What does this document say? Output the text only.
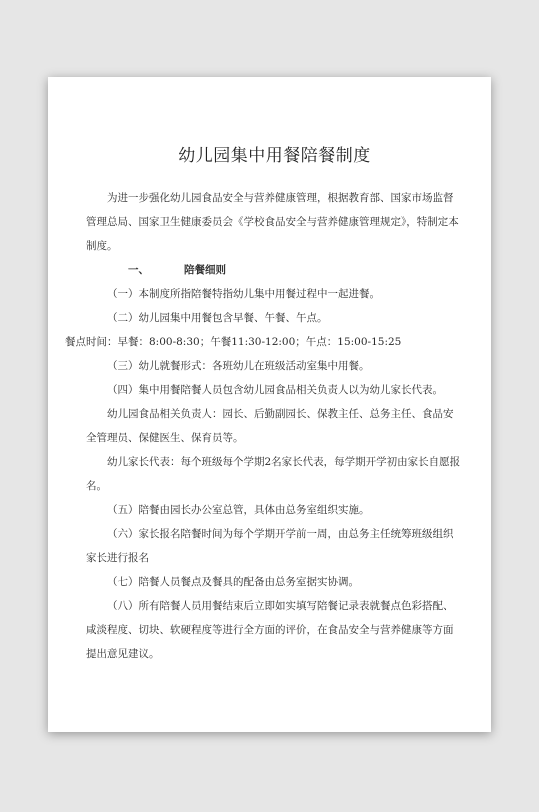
幼儿园集中用餐陪餐制度

为进一步强化幼儿园食品安全与营养健康管理，根据教育部、国家市场监督管理总局、国家卫生健康委员会《学校食品安全与营养健康管理规定》，特制定本制度。

一、	陪餐细则

（一）本制度所指陪餐特指幼儿集中用餐过程中一起进餐。

（二）幼儿园集中用餐包含早餐、午餐、午点。

餐点时间：早餐：8:00-8:30；午餐11:30-12:00；午点：15:00-15:25

（三）幼儿就餐形式：各班幼儿在班级活动室集中用餐。

（四）集中用餐陪餐人员包含幼儿园食品相关负责人以为幼儿家长代表。

幼儿园食品相关负责人：园长、后勤副园长、保教主任、总务主任、食品安全管理员、保健医生、保育员等。

幼儿家长代表：每个班级每个学期2名家长代表，每学期开学初由家长自愿报名。

（五）陪餐由园长办公室总管，具体由总务室组织实施。

（六）家长报名陪餐时间为每个学期开学前一周，由总务主任统筹班级组织家长进行报名

（七）陪餐人员餐点及餐具的配备由总务室据实协调。

（八）所有陪餐人员用餐结束后立即如实填写陪餐记录表就餐点色彩搭配、咸淡程度、切块、软硬程度等进行全方面的评价，在食品安全与营养健康等方面提出意见建议。
